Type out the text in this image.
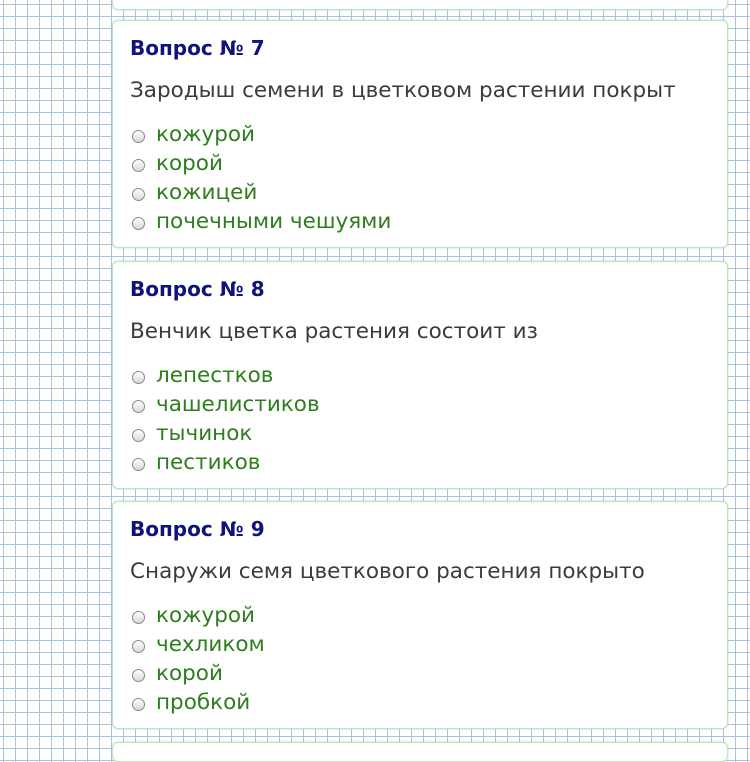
Вопрос № 7
Зародыш семени в цветковом растении покрыт
кожурой
корой
кожицей
почечными чешуями
Вопрос № 8
Венчик цветка растения состоит из
лепестков
чашелистиков
тычинок
пестиков
Вопрос № 9
Снаружи семя цветкового растения покрыто
кожурой
чехликом
корой
пробкой
